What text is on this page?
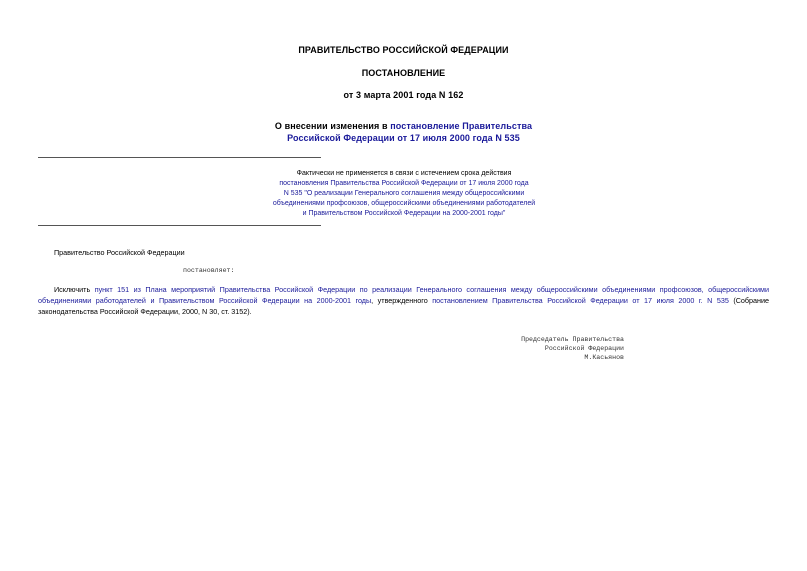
ПРАВИТЕЛЬСТВО РОССИЙСКОЙ ФЕДЕРАЦИИ
ПОСТАНОВЛЕНИЕ
от 3 марта 2001 года N 162
О внесении изменения в постановление Правительства
Российской Федерации от 17 июля 2000 года N 535
Фактически не применяется в связи с истечением срока действия
постановления Правительства Российской Федерации от 17 июля 2000 года
N 535 "О реализации Генерального соглашения между общероссийскими
объединениями профсоюзов, общероссийскими объединениями работодателей
и Правительством Российской Федерации на 2000-2001 годы"
Правительство Российской Федерации
постановляет:
Исключить пункт 151 из Плана мероприятий Правительства Российской Федерации по реализации Генерального соглашения между общероссийскими объединениями профсоюзов, общероссийскими объединениями работодателей и Правительством Российской Федерации на 2000-2001 годы, утвержденного постановлением Правительства Российской Федерации от 17 июля 2000 г. N 535 (Собрание законодательства Российской Федерации, 2000, N 30, ст. 3152).
Председатель Правительства
Российской Федерации
М.Касьянов
